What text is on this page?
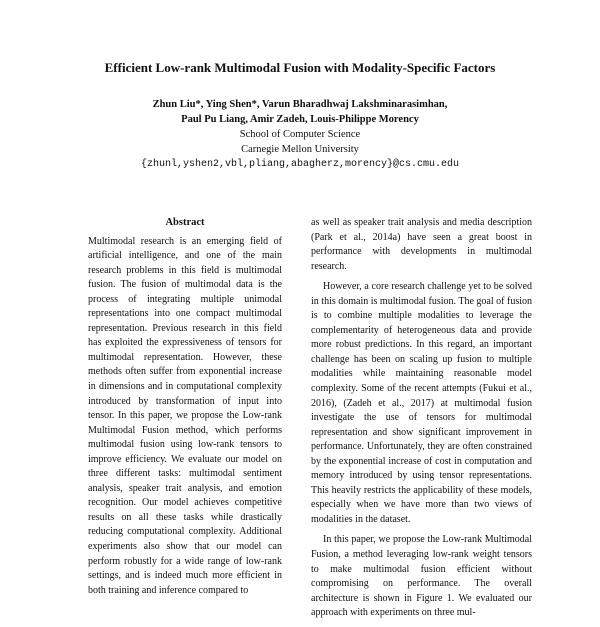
Efficient Low-rank Multimodal Fusion with Modality-Specific Factors
Zhun Liu*, Ying Shen*, Varun Bharadhwaj Lakshminarasimhan,
Paul Pu Liang, Amir Zadeh, Louis-Philippe Morency
School of Computer Science
Carnegie Mellon University
{zhunl,yshen2,vbl,pliang,abagherz,morency}@cs.cmu.edu
Abstract

Multimodal research is an emerging field of artificial intelligence, and one of the main research problems in this field is multimodal fusion. The fusion of multimodal data is the process of integrating multiple unimodal representations into one compact multimodal representation. Previous research in this field has exploited the expressiveness of tensors for multimodal representation. However, these methods often suffer from exponential increase in dimensions and in computational complexity introduced by transformation of input into tensor. In this paper, we propose the Low-rank Multimodal Fusion method, which performs multimodal fusion using low-rank tensors to improve efficiency. We evaluate our model on three different tasks: multimodal sentiment analysis, speaker trait analysis, and emotion recognition. Our model achieves competitive results on all these tasks while drastically reducing computational complexity. Additional experiments also show that our model can perform robustly for a wide range of low-rank settings, and is indeed much more efficient in both training and inference compared to

as well as speaker trait analysis and media description (Park et al., 2014a) have seen a great boost in performance with developments in multimodal research.

However, a core research challenge yet to be solved in this domain is multimodal fusion. The goal of fusion is to combine multiple modalities to leverage the complementarity of heterogeneous data and provide more robust predictions. In this regard, an important challenge has been on scaling up fusion to multiple modalities while maintaining reasonable model complexity. Some of the recent attempts (Fukui et al., 2016), (Zadeh et al., 2017) at multimodal fusion investigate the use of tensors for multimodal representation and show significant improvement in performance. Unfortunately, they are often constrained by the exponential increase of cost in computation and memory introduced by using tensor representations. This heavily restricts the applicability of these models, especially when we have more than two views of modalities in the dataset.

In this paper, we propose the Low-rank Multimodal Fusion, a method leveraging low-rank weight tensors to make multimodal fusion efficient without compromising on performance. The overall architecture is shown in Figure 1. We evaluated our approach with experiments on three mul-
